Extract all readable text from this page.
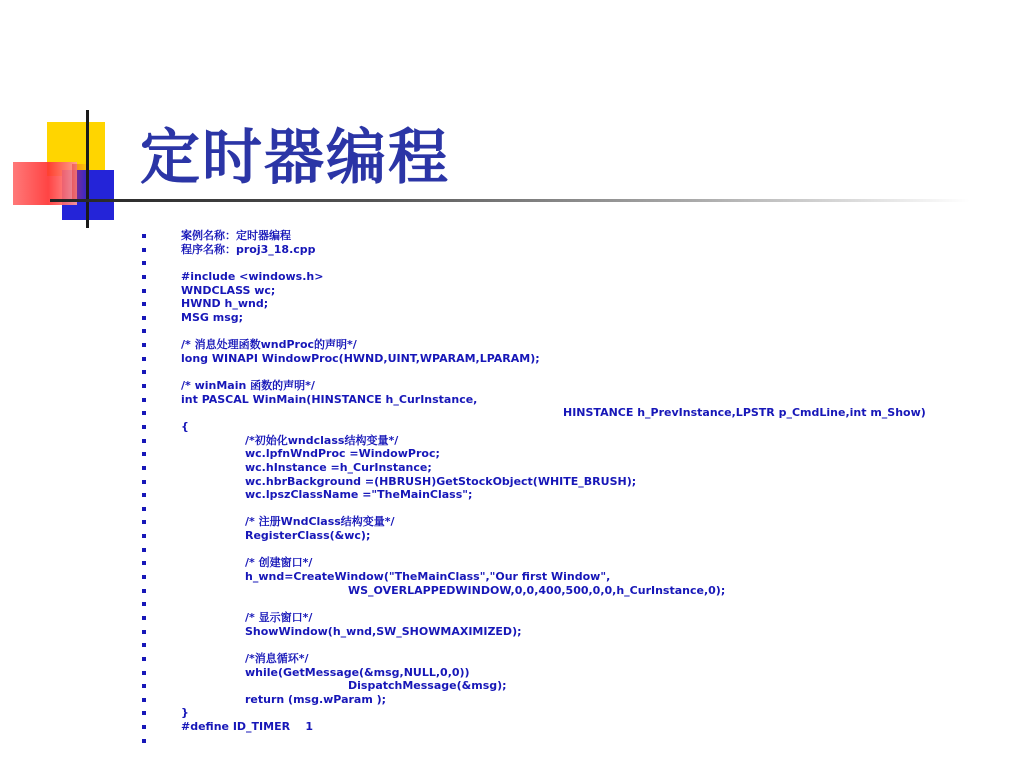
定时器编程
案例名称：定时器编程
程序名称：proj3_18.cpp
#include <windows.h>
WNDCLASS wc;
HWND h_wnd;
MSG msg;
/* 消息处理函数wndProc的声明*/
long WINAPI WindowProc(HWND,UINT,WPARAM,LPARAM);
/* winMain 函数的声明*/
int PASCAL WinMain(HINSTANCE h_CurInstance,
HINSTANCE h_PrevInstance,LPSTR p_CmdLine,int m_Show)
{
/*初始化wndclass结构变量*/
wc.lpfnWndProc =WindowProc;
wc.hInstance =h_CurInstance;
wc.hbrBackground =(HBRUSH)GetStockObject(WHITE_BRUSH);
wc.lpszClassName ="TheMainClass";
/* 注册WndClass结构变量*/
RegisterClass(&wc);
/* 创建窗口*/
h_wnd=CreateWindow("TheMainClass","Our first Window",
WS_OVERLAPPEDWINDOW,0,0,400,500,0,0,h_CurInstance,0);
/* 显示窗口*/
ShowWindow(h_wnd,SW_SHOWMAXIMIZED);
/*消息循环*/
while(GetMessage(&msg,NULL,0,0))
DispatchMessage(&msg);
return (msg.wParam );
}
#define ID_TIMER    1
